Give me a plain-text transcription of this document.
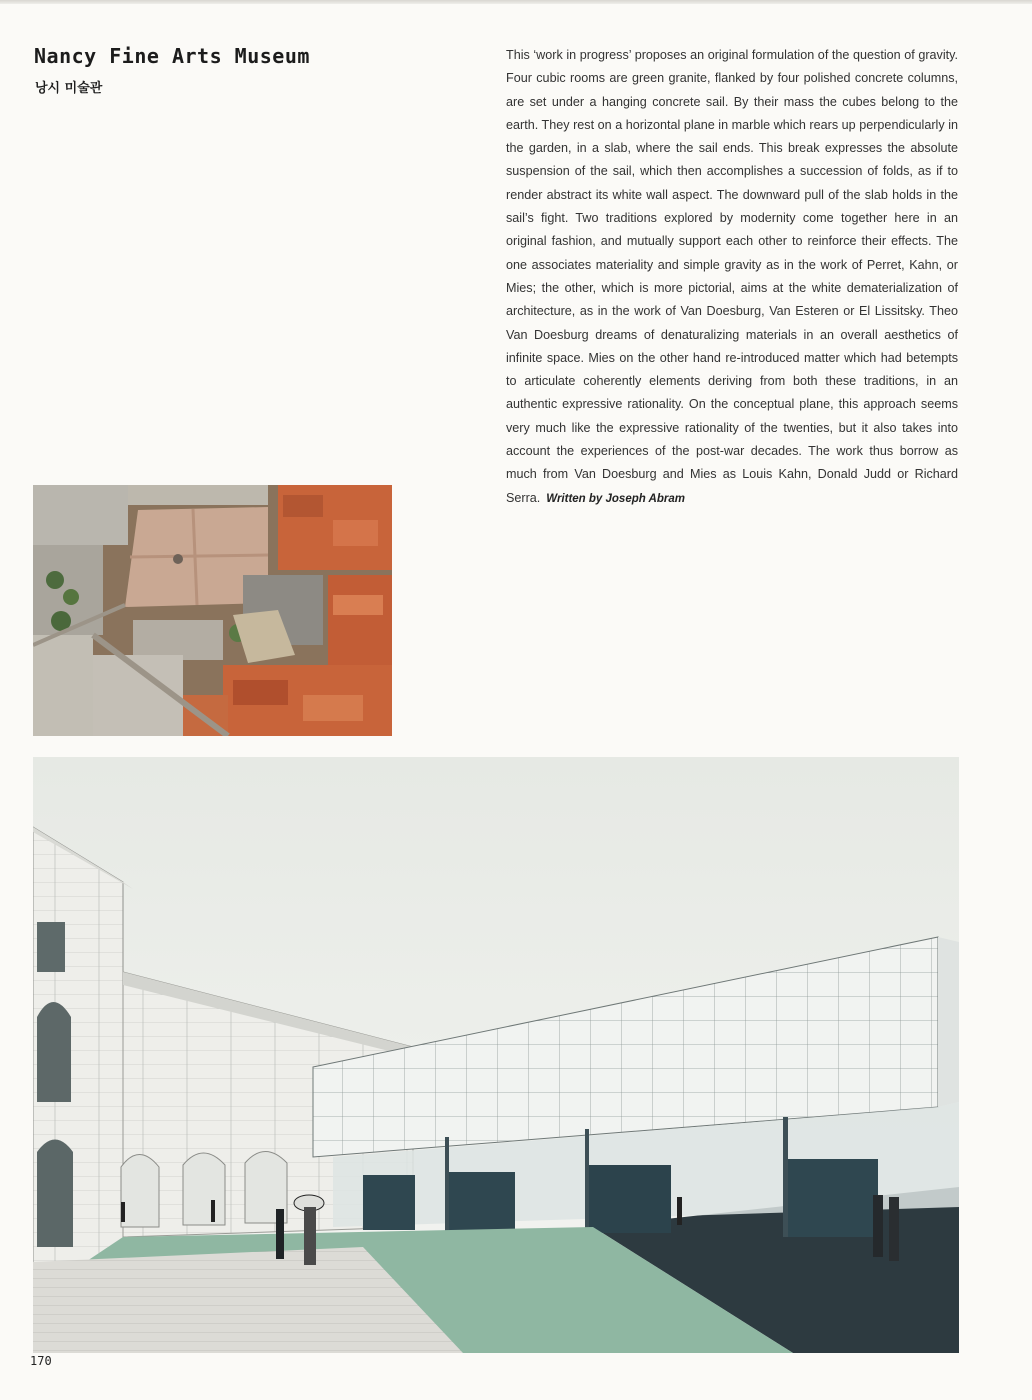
Nancy Fine Arts Museum
낭시 미술관

This ‘work in progress’ proposes an original formulation of the question of gravity. Four cubic rooms are green granite, flanked by four polished concrete columns, are set under a hanging concrete sail. By their mass the cubes belong to the earth. They rest on a horizontal plane in marble which rears up perpendicularly in the garden, in a slab, where the sail ends. This break expresses the absolute suspension of the sail, which then accomplishes a succession of folds, as if to render abstract its white wall aspect. The downward pull of the slab holds in the sail’s fight. Two traditions explored by modernity come together here in an original fashion, and mutually support each other to reinforce their effects. The one associates materiality and simple gravity as in the work of Perret, Kahn, or Mies; the other, which is more pictorial, aims at the white dematerialization of architecture, as in the work of Van Doesburg, Van Esteren or El Lissitsky. Theo Van Doesburg dreams of denaturalizing materials in an overall aesthetics of infinite space. Mies on the other hand re-introduced matter which had betempts to articulate coherently elements deriving from both these traditions, in an authentic expressive rationality. On the conceptual plane, this approach seems very much like the expressive rationality of the twenties, but it also takes into account the experiences of the post-war decades. The work thus borrow as much from Van Doesburg and Mies as Louis Kahn, Donald Judd or Richard Serra. Written by Joseph Abram

170
